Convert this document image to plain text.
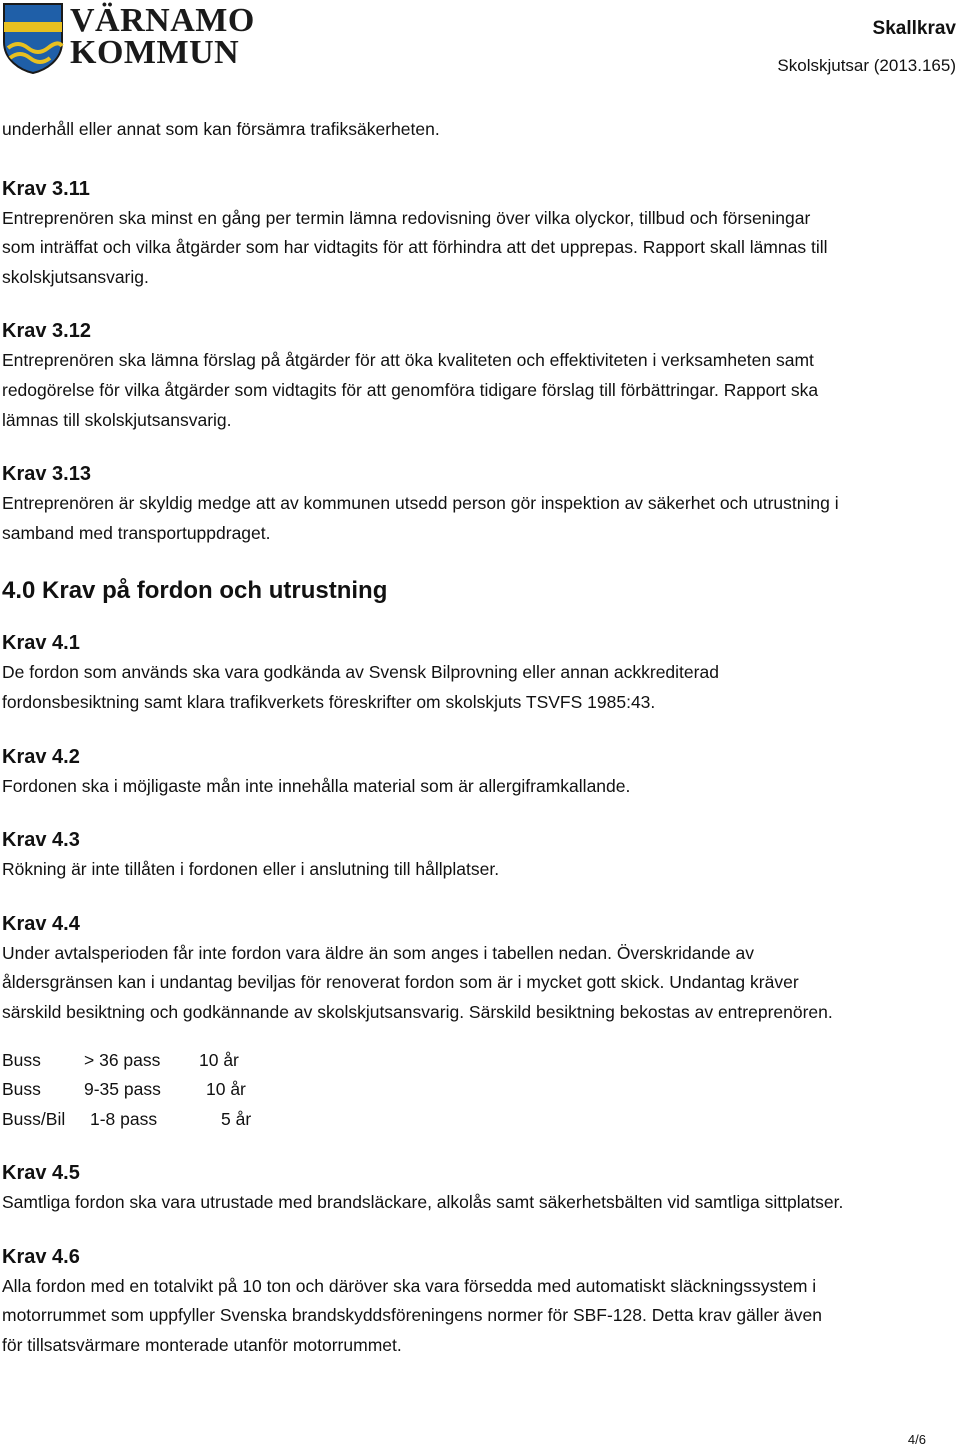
VÄRNAMO
KOMMUN
Skallkrav
Skolskjutsar (2013.165)

underhåll eller annat som kan försämra trafiksäkerheten.

Krav 3.11
Entreprenören ska minst en gång per termin lämna redovisning över vilka olyckor, tillbud och förseningar
som inträffat och vilka åtgärder som har vidtagits för att förhindra att det upprepas. Rapport skall lämnas till
skolskjutsansvarig.
Krav 3.12
Entreprenören ska lämna förslag på åtgärder för att öka kvaliteten och effektiviteten i verksamheten samt
redogörelse för vilka åtgärder som vidtagits för att genomföra tidigare förslag till förbättringar. Rapport ska
lämnas till skolskjutsansvarig.
Krav 3.13
Entreprenören är skyldig medge att av kommunen utsedd person gör inspektion av säkerhet och utrustning i
samband med transportuppdraget.
4.0 Krav på fordon och utrustning
Krav 4.1
De fordon som används ska vara godkända av Svensk Bilprovning eller annan ackkrediterad
fordonsbesiktning samt klara trafikverkets föreskrifter om skolskjuts TSVFS 1985:43.
Krav 4.2
Fordonen ska i möjligaste mån inte innehålla material som är allergiframkallande.
Krav 4.3
Rökning är inte tillåten i fordonen eller i anslutning till hållplatser.
Krav 4.4
Under avtalsperioden får inte fordon vara äldre än som anges i tabellen nedan. Överskridande av
åldersgränsen kan i undantag beviljas för renoverat fordon som är i mycket gott skick. Undantag kräver
särskild besiktning och godkännande av skolskjutsansvarig. Särskild besiktning bekostas av entreprenören.
Buss > 36 pass 10 år
Buss 9-35 pass	10 år
Buss/Bil 1-8 pass	5 år
Krav 4.5
Samtliga fordon ska vara utrustade med brandsläckare, alkolås samt säkerhetsbälten vid samtliga sittplatser.
Krav 4.6
Alla fordon med en totalvikt på 10 ton och däröver ska vara försedda med automatiskt släckningssystem i
motorrummet som uppfyller Svenska brandskyddsföreningens normer för SBF-128. Detta krav gäller även
för tillsatsvärmare monterade utanför motorrummet.
4/6
